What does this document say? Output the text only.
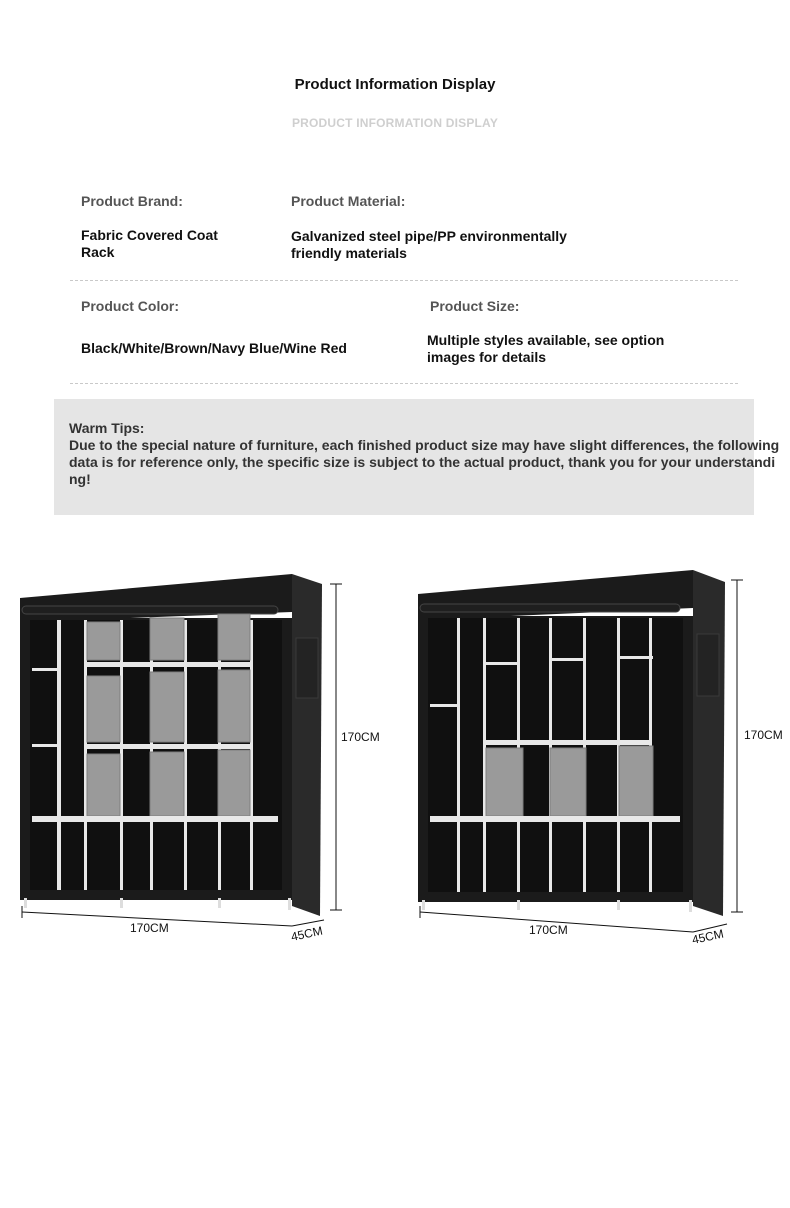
Product Information Display
PRODUCT INFORMATION DISPLAY
Product Brand:
Fabric Covered Coat Rack
Product Material:
Galvanized steel pipe/PP environmentally friendly materials
Product Color:
Black/White/Brown/Navy Blue/Wine Red
Product Size:
Multiple styles available, see option images for details
Warm Tips:
Due to the special nature of furniture, each finished product size may have slight differences, the following data is for reference only, the specific size is subject to the actual product, thank you for your understanding!
170CM
170CM	45CM
170CM
170CM	45CM
